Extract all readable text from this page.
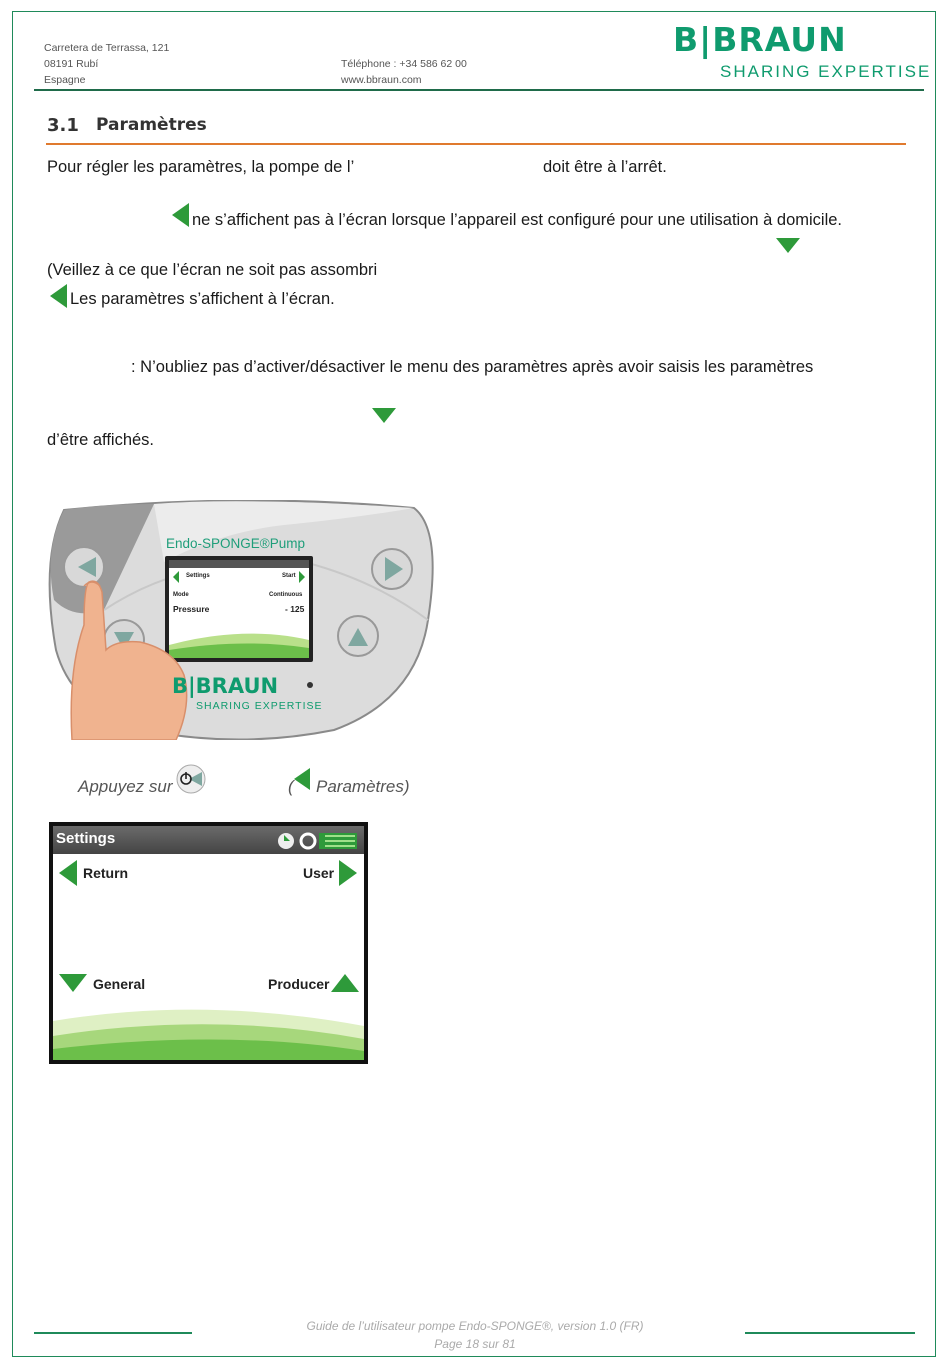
Carretera de Terrassa, 121
08191 Rubí
Espagne
Téléphone : +34 586 62 00
www.bbraun.com
B|BRAUN
SHARING EXPERTISE
3.1 Paramètres
Pour régler les paramètres, la pompe de l’	doit être à l’arrêt.
ne s’affichent pas à l’écran lorsque l’appareil est configuré pour une utilisation à domicile.
(Veillez à ce que l’écran ne soit pas assombri
Les paramètres s’affichent à l’écran.
: N’oubliez pas d’activer/désactiver le menu des paramètres après avoir saisis les paramètres
d’être affichés.
Endo-SPONGE®Pump
Settings	Start
Mode	Continuous
Pressure	- 125
B|BRAUN
SHARING EXPERTISE
Appuyez sur	( Paramètres)
Settings
Return	User
General	Producer
Guide de l’utilisateur pompe Endo-SPONGE®, version 1.0 (FR)
Page 18 sur 81
